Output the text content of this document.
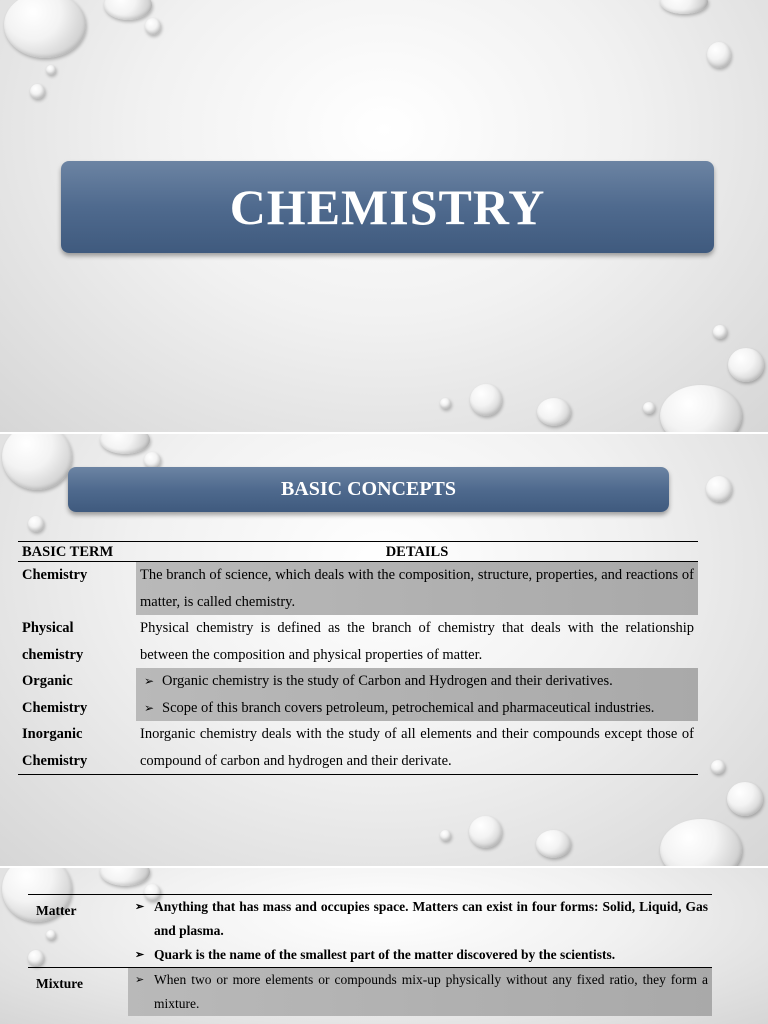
CHEMISTRY
BASIC CONCEPTS
BASIC TERM	DETAILS
Chemistry	The branch of science, which deals with the composition, structure, properties, and reactions of matter, is called chemistry.
Physical chemistry	Physical chemistry is defined as the branch of chemistry that deals with the relationship between the composition and physical properties of matter.
Organic Chemistry	➢ Organic chemistry is the study of Carbon and Hydrogen and their derivatives.
➢ Scope of this branch covers petroleum, petrochemical and pharmaceutical industries.

Inorganic Chemistry	Inorganic chemistry deals with the study of all elements and their compounds except those of compound of carbon and hydrogen and their derivate.
Matter	➢ Anything that has mass and occupies space. Matters can exist in four forms: Solid, Liquid, Gas and plasma.

	➢ Quark is the name of the smallest part of the matter discovered by the scientists.

Mixture	➢ When two or more elements or compounds mix-up physically without any fixed ratio, they form a mixture.
